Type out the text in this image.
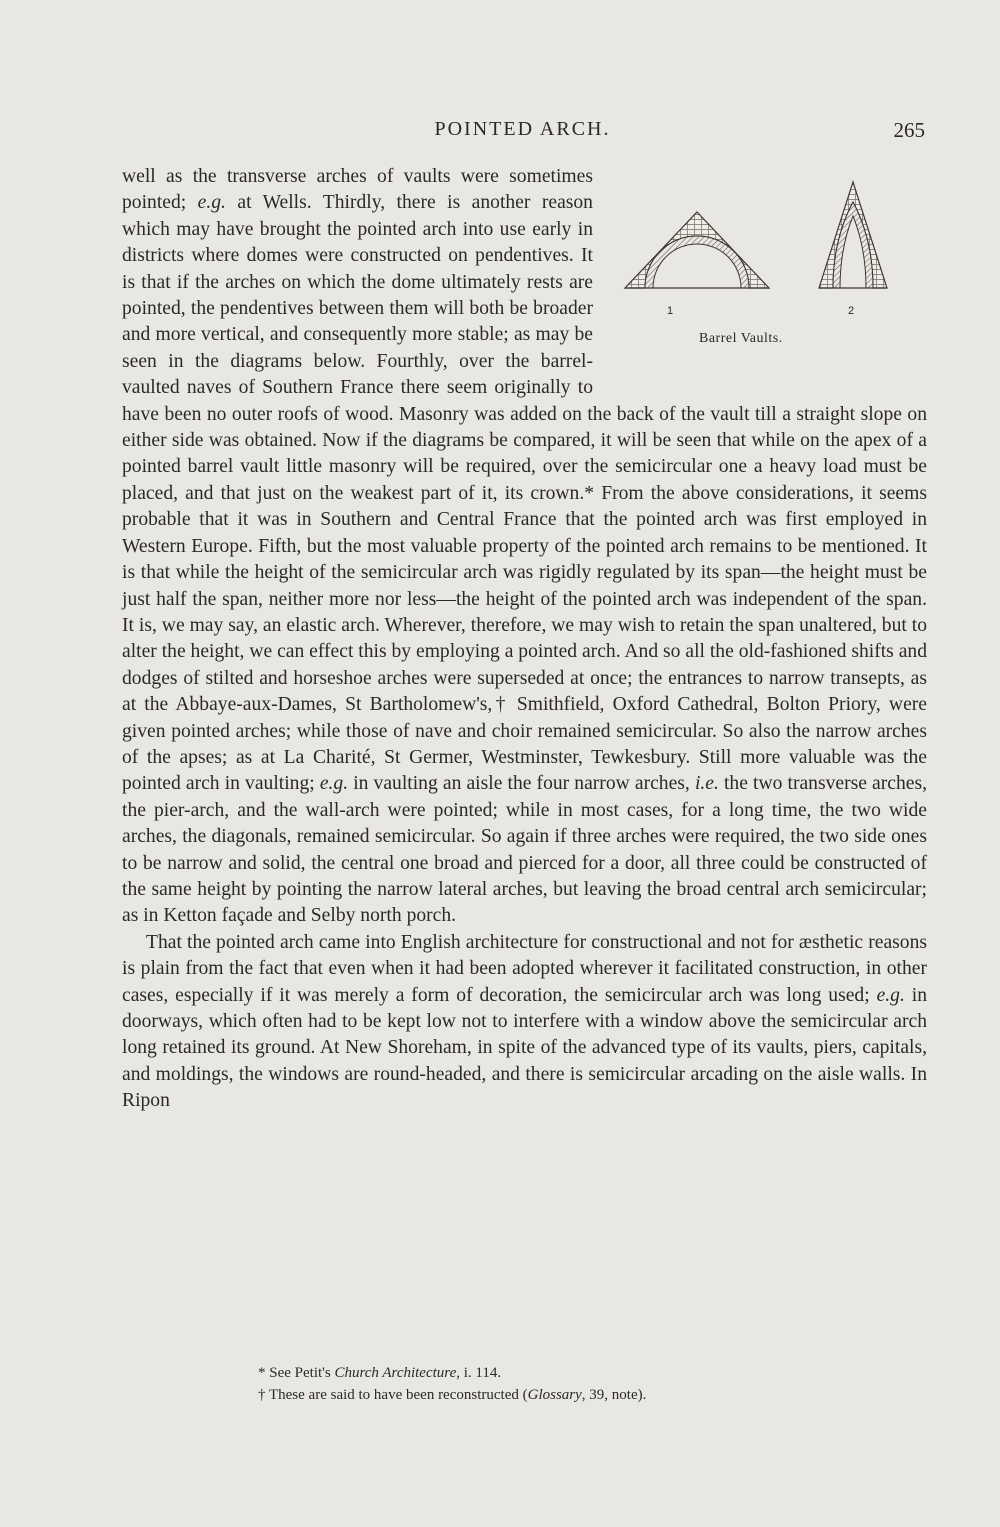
POINTED ARCH.	265

1	2
Barrel Vaults.
well as the transverse arches of vaults were sometimes pointed; e.g. at Wells. Thirdly, there is another reason which may have brought the pointed arch into use early in districts where domes were constructed on pendentives. It is that if the arches on which the dome ultimately rests are pointed, the pendentives between them will both be broader and more vertical, and consequently more stable; as may be seen in the diagrams below. Fourthly, over the barrel-vaulted naves of Southern France there seem originally to have been no outer roofs of wood. Masonry was added on the back of the vault till a straight slope on either side was obtained. Now if the diagrams be compared, it will be seen that while on the apex of a pointed barrel vault little masonry will be required, over the semicircular one a heavy load must be placed, and that just on the weakest part of it, its crown.* From the above considerations, it seems probable that it was in Southern and Central France that the pointed arch was first employed in Western Europe. Fifth, but the most valuable property of the pointed arch remains to be mentioned. It is that while the height of the semicircular arch was rigidly regulated by its span—the height must be just half the span, neither more nor less—the height of the pointed arch was independent of the span. It is, we may say, an elastic arch. Wherever, therefore, we may wish to retain the span unaltered, but to alter the height, we can effect this by employing a pointed arch. And so all the old-fashioned shifts and dodges of stilted and horseshoe arches were superseded at once; the entrances to narrow transepts, as at the Abbaye-aux-Dames, St Bartholomew's,† Smithfield, Oxford Cathedral, Bolton Priory, were given pointed arches; while those of nave and choir remained semicircular. So also the narrow arches of the apses; as at La Charité, St Germer, Westminster, Tewkesbury. Still more valuable was the pointed arch in vaulting; e.g. in vaulting an aisle the four narrow arches, i.e. the two transverse arches, the pier-arch, and the wall-arch were pointed; while in most cases, for a long time, the two wide arches, the diagonals, remained semicircular. So again if three arches were required, the two side ones to be narrow and solid, the central one broad and pierced for a door, all three could be constructed of the same height by pointing the narrow lateral arches, but leaving the broad central arch semicircular; as in Ketton façade and Selby north porch.

That the pointed arch came into English architecture for constructional and not for æsthetic reasons is plain from the fact that even when it had been adopted wherever it facilitated construction, in other cases, especially if it was merely a form of decoration, the semicircular arch was long used; e.g. in doorways, which often had to be kept low not to interfere with a window above the semicircular arch long retained its ground. At New Shoreham, in spite of the advanced type of its vaults, piers, capitals, and moldings, the windows are round-headed, and there is semicircular arcading on the aisle walls. In Ripon

* See Petit's Church Architecture, i. 114.
† These are said to have been reconstructed (Glossary, 39, note).
